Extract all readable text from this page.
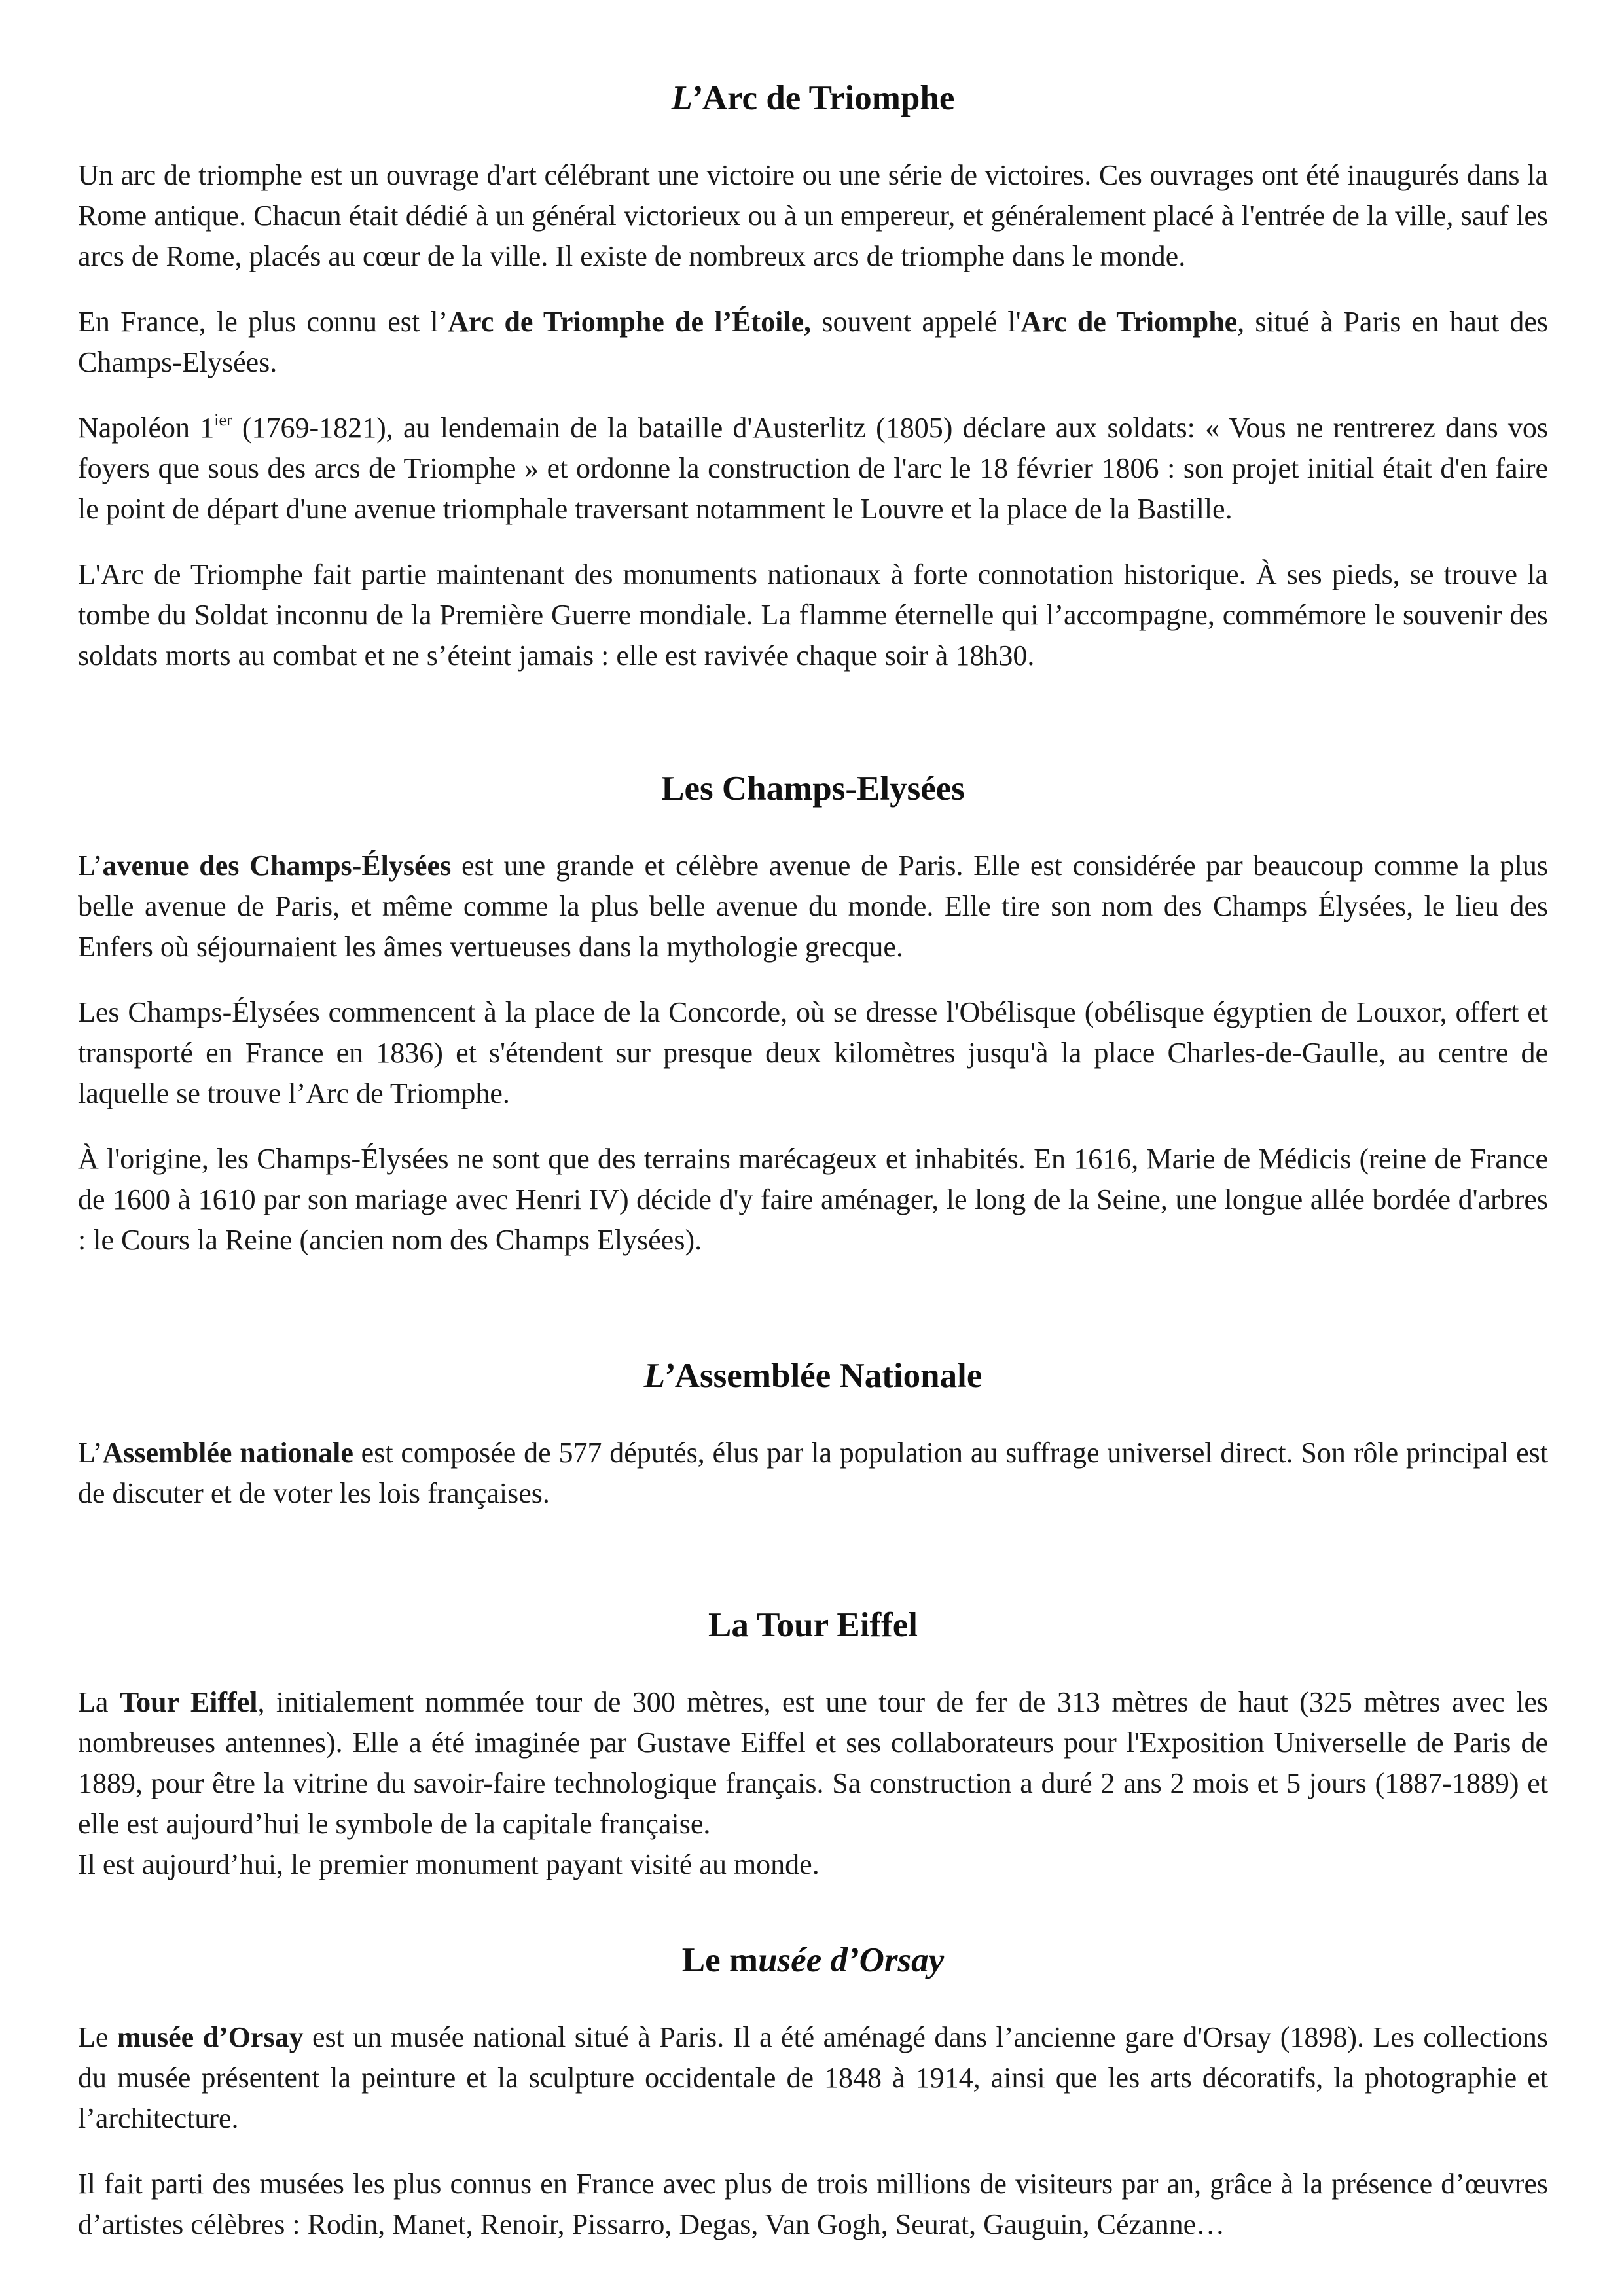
L’Arc de Triomphe

Un arc de triomphe est un ouvrage d'art célébrant une victoire ou une série de victoires. Ces ouvrages ont été inaugurés dans la Rome antique. Chacun était dédié à un général victorieux ou à un empereur, et généralement placé à l'entrée de la ville, sauf les arcs de Rome, placés au cœur de la ville. Il existe de nombreux arcs de triomphe dans le monde.

En France, le plus connu est l’Arc de Triomphe de l’Étoile, souvent appelé l'Arc de Triomphe, situé à Paris en haut des Champs-Elysées.

Napoléon $1^{ier}$ (1769-1821), au lendemain de la bataille d'Austerlitz (1805) déclare aux soldats: « Vous ne rentrerez dans vos foyers que sous des arcs de Triomphe » et ordonne la construction de l'arc le 18 février 1806 : son projet initial était d'en faire le point de départ d'une avenue triomphale traversant notamment le Louvre et la place de la Bastille.

L'Arc de Triomphe fait partie maintenant des monuments nationaux à forte connotation historique. À ses pieds, se trouve la tombe du Soldat inconnu de la Première Guerre mondiale. La flamme éternelle qui l’accompagne, commémore le souvenir des soldats morts au combat et ne s’éteint jamais : elle est ravivée chaque soir à 18h30.

Les Champs-Elysées

L’avenue des Champs-Élysées est une grande et célèbre avenue de Paris. Elle est considérée par beaucoup comme la plus belle avenue de Paris, et même comme la plus belle avenue du monde. Elle tire son nom des Champs Élysées, le lieu des Enfers où séjournaient les âmes vertueuses dans la mythologie grecque.

Les Champs-Élysées commencent à la place de la Concorde, où se dresse l'Obélisque (obélisque égyptien de Louxor, offert et transporté en France en 1836) et s'étendent sur presque deux kilomètres jusqu'à la place Charles-de-Gaulle, au centre de laquelle se trouve l’Arc de Triomphe.

À l'origine, les Champs-Élysées ne sont que des terrains marécageux et inhabités. En 1616, Marie de Médicis (reine de France de 1600 à 1610 par son mariage avec Henri IV) décide d'y faire aménager, le long de la Seine, une longue allée bordée d'arbres : le Cours la Reine (ancien nom des Champs Elysées).

L’Assemblée Nationale

L’Assemblée nationale est composée de 577 députés, élus par la population au suffrage universel direct. Son rôle principal est de discuter et de voter les lois françaises.

La Tour Eiffel

La Tour Eiffel, initialement nommée tour de 300 mètres, est une tour de fer de 313 mètres de haut (325 mètres avec les nombreuses antennes). Elle a été imaginée par Gustave Eiffel et ses collaborateurs pour l'Exposition Universelle de Paris de 1889, pour être la vitrine du savoir-faire technologique français. Sa construction a duré 2 ans 2 mois et 5 jours (1887-1889) et elle est aujourd’hui le symbole de la capitale française.

Il est aujourd’hui, le premier monument payant visité au monde.

Le musée d’Orsay

Le musée d’Orsay est un musée national situé à Paris. Il a été aménagé dans l’ancienne gare d'Orsay (1898). Les collections du musée présentent la peinture et la sculpture occidentale de 1848 à 1914, ainsi que les arts décoratifs, la photographie et l’architecture.

Il fait parti des musées les plus connus en France avec plus de trois millions de visiteurs par an, grâce à la présence d’œuvres d’artistes célèbres : Rodin, Manet, Renoir, Pissarro, Degas, Van Gogh, Seurat, Gauguin, Cézanne…
